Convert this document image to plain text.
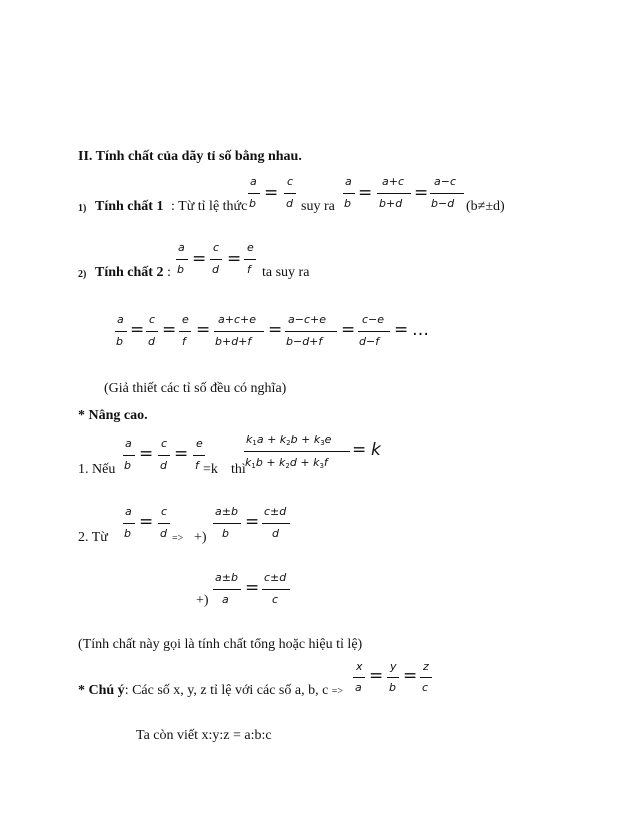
II. Tính chất của dãy tỉ số bằng nhau.
1) Tính chất 1 : Từ tỉ lệ thức
a
b
=
c
d suy ra
a
b
=
a+c
b+d
=
a−c
b−d (b≠±d)
2) Tính chất 2 :
a
b
=
c
d
=
e
f ta suy ra
a
b
=
c
d
=
e
f
=
a+c+e
b+d+f
=
a−c+e
b−d+f
=
c−e
d−f
= …
(Giả thiết các tỉ số đều có nghĩa)
* Nâng cao.
1. Nếu
a
b
=
c
d
=
e
f =k thì
$k_1a + k_2b + k_3e$
$k_1b + k_2d + k_3f$
= k
2. Từ
a
b
=
c
d => +)
a±b
b
=
c±d
d
+)
a±b
a
=
c±d
c
(Tính chất này gọi là tính chất tổng hoặc hiệu tỉ lệ)
* Chú ý: Các số x, y, z tỉ lệ với các số a, b, c =>
x
a
= y
b
= z
c
Ta còn viết x:y:z = a:b:c
